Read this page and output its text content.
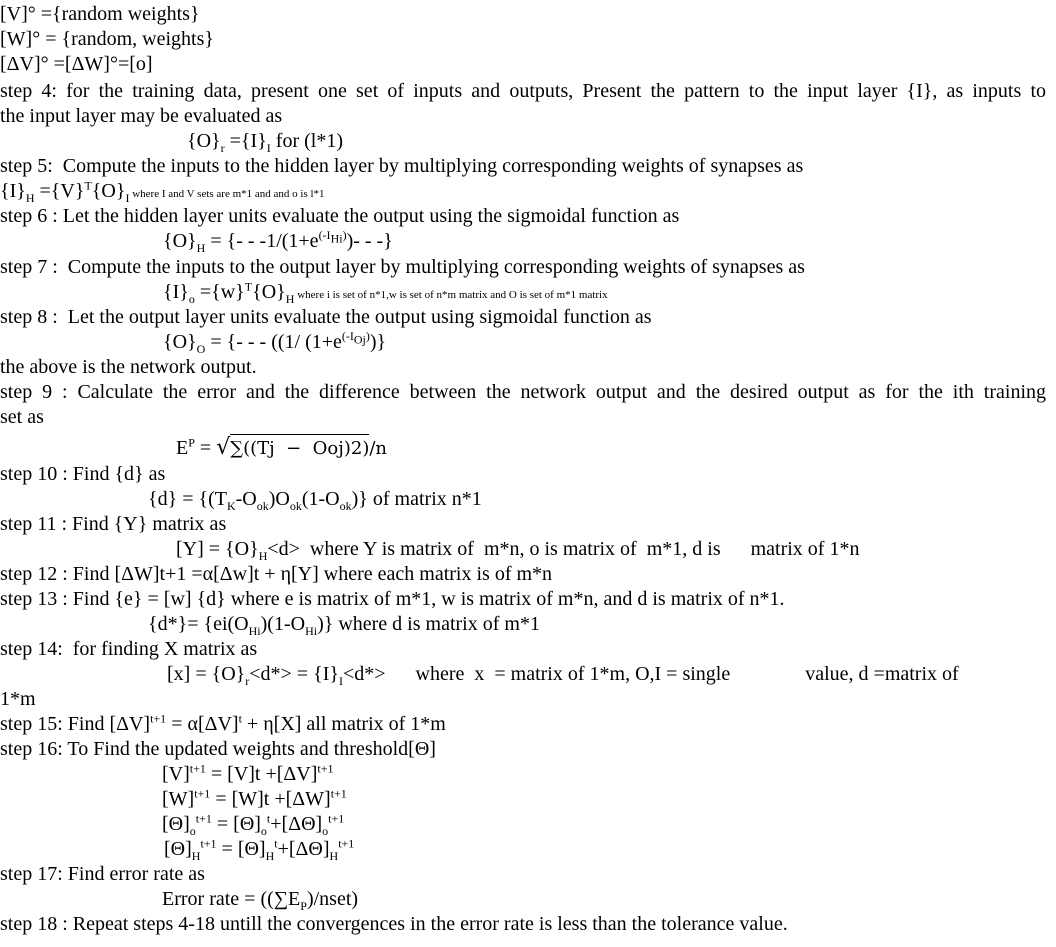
[V]° ={random weights}
[W]° = {random, weights}
[ΔV]° =[ΔW]°=[o]
step 4: for the training data, present one set of inputs and outputs, Present the pattern to the input layer {I}, as inputs to
the input layer may be evaluated as
$\{O\}_r =\{I\}_I$ for (l*1)
step 5:  Compute the inputs to the hidden layer by multiplying corresponding weights of synapses as
$\{I\}_H =\{V\}^T\{O\}_I$ where I and V sets are m*1 and and o is l*1
step 6 : Let the hidden layer units evaluate the output using the sigmoidal function as
$\{O\}_H$ = {- - $-1/(1+e^{(-I_{Hi})})-$ - -}
step 7 :  Compute the inputs to the output layer by multiplying corresponding weights of synapses as
$\{I\}_o =\{w\}^T\{O\}_H$ where i is set of n*1,w is set of n*m matrix and O is set of m*1 matrix
step 8 :  Let the output layer units evaluate the output using sigmoidal function as
$\{O\}_O$ = {- - - ((1/ $(1+e^{(-I_{Oj})})$}
the above is the network output.
step 9 : Calculate the error and the difference between the network output and the desired output as for the ith training
set as
$E^P = √\sum((Tj - Ooj)2)/n$
step 10 : Find {d} as
$\{d\} = \{(T_K-O_{ok})O_{ok}(1-O_{ok})\}$ of matrix n*1
step 11 : Find {Y} matrix as
$[Y] = \{O\}_H<d>$  where Y is matrix of  m*n, o is matrix of  m*1, d is      matrix of 1*n
step 12 : Find [ΔW]t+1 =α[Δw]t + η[Y] where each matrix is of m*n
step 13 : Find {e} = [w] {d} where e is matrix of m*1, w is matrix of m*n, and d is matrix of n*1.
$\{d*\}= \{ei(O_{Hi})(1-O_{Hi})\}$ where d is matrix of m*1
step 14:  for finding X matrix as
$[x] = \{O\}_r<d*> = \{I\}_I<d*>$      where  x  = matrix of 1*m, O,I = single               value, d =matrix of
1*m
step 15: Find $[\Delta V]^{t+1} = \alpha[\Delta V]^t + \eta[X]$ all matrix of 1*m
step 16: To Find the updated weights and threshold[Θ]
$[V]^{t+1} = [V]t +[\Delta V]^{t+1}$
$[W]^{t+1} = [W]t +[\Delta W]^{t+1}$
$[\Theta]_o^{t+1} = [\Theta]_o^t+[\Delta\Theta]_o^{t+1}$
$[\Theta]_H^{t+1} = [\Theta]_H^t+[\Delta\Theta]_H^{t+1}$
step 17: Find error rate as
Error rate = $((\sum E_P)/nset)$
step 18 : Repeat steps 4-18 untill the convergences in the error rate is less than the tolerance value.
